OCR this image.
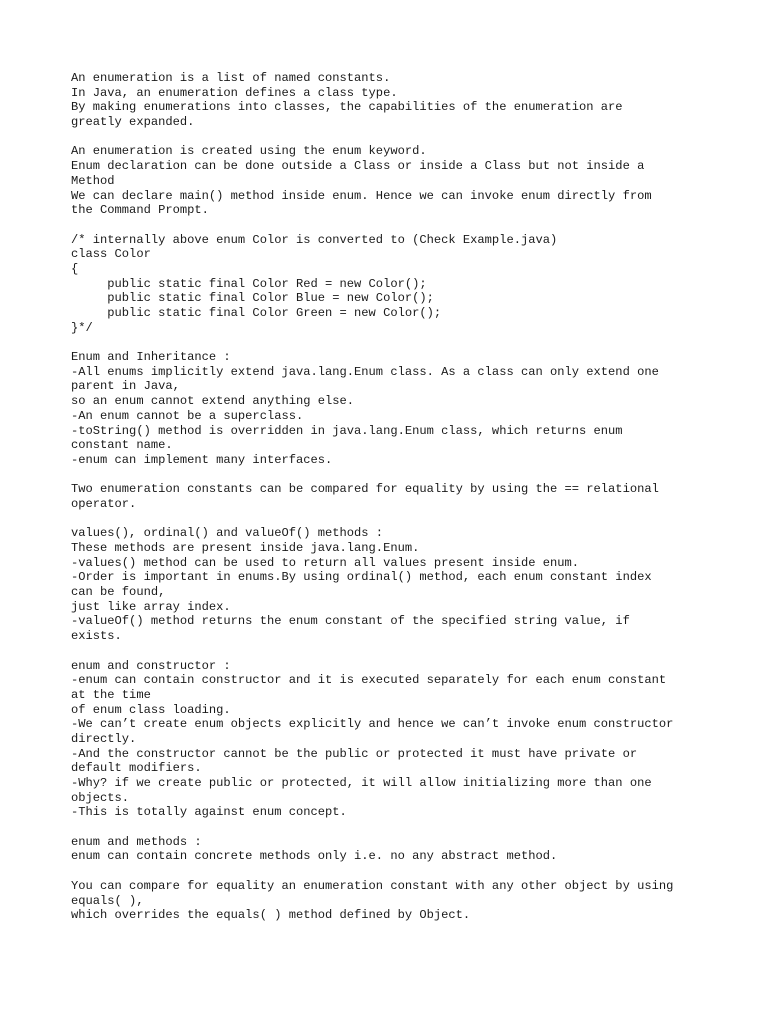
An enumeration is a list of named constants.
In Java, an enumeration defines a class type.
By making enumerations into classes, the capabilities of the enumeration are
greatly expanded.
An enumeration is created using the enum keyword.
Enum declaration can be done outside a Class or inside a Class but not inside a
Method
We can declare main() method inside enum. Hence we can invoke enum directly from
the Command Prompt.
/* internally above enum Color is converted to (Check Example.java)
class Color
{
public static final Color Red = new Color();
public static final Color Blue = new Color();
public static final Color Green = new Color();
}*/
Enum and Inheritance :
-All enums implicitly extend java.lang.Enum class. As a class can only extend one
parent in Java,
so an enum cannot extend anything else.
-An enum cannot be a superclass.
-toString() method is overridden in java.lang.Enum class, which returns enum
constant name.
-enum can implement many interfaces.
Two enumeration constants can be compared for equality by using the == relational
operator.
values(), ordinal() and valueOf() methods :
These methods are present inside java.lang.Enum.
-values() method can be used to return all values present inside enum.
-Order is important in enums.By using ordinal() method, each enum constant index
can be found,
just like array index.
-valueOf() method returns the enum constant of the specified string value, if
exists.
enum and constructor :
-enum can contain constructor and it is executed separately for each enum constant
at the time
of enum class loading.
-We can’t create enum objects explicitly and hence we can’t invoke enum constructor
directly.
-And the constructor cannot be the public or protected it must have private or
default modifiers.
-Why? if we create public or protected, it will allow initializing more than one
objects.
-This is totally against enum concept.
enum and methods :
enum can contain concrete methods only i.e. no any abstract method.
You can compare for equality an enumeration constant with any other object by using
equals( ),
which overrides the equals( ) method defined by Object.
